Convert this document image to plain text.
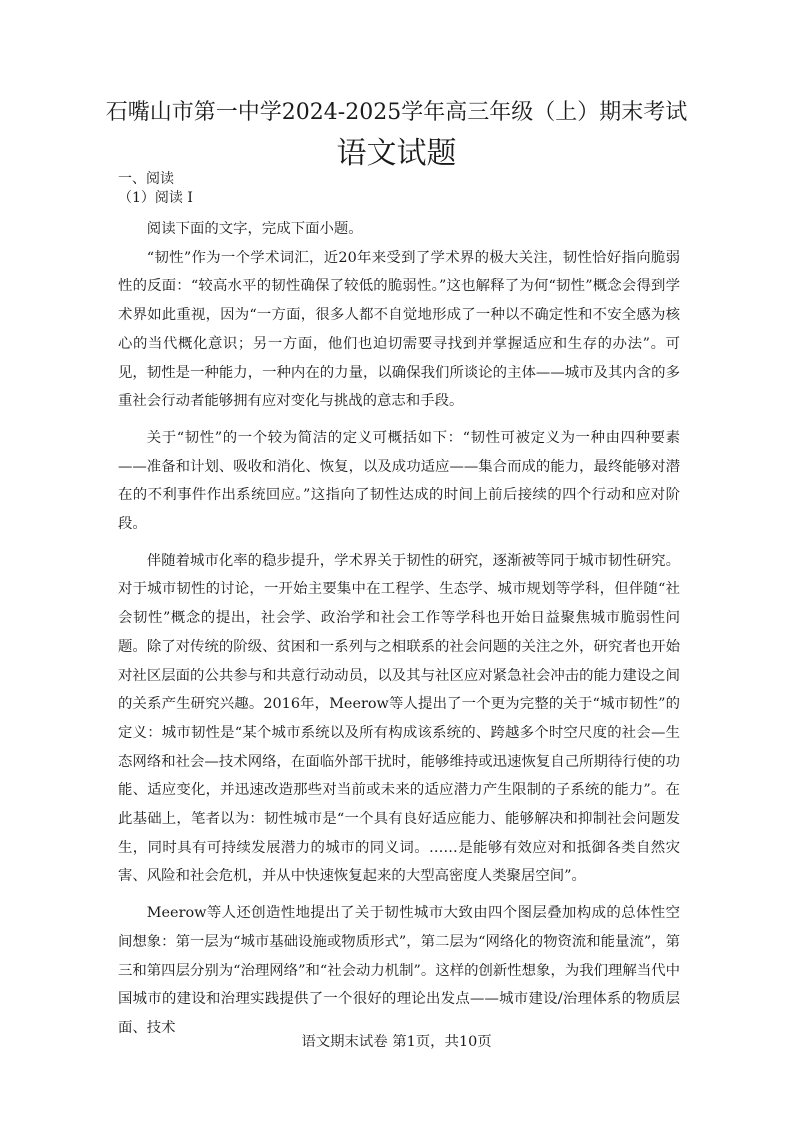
石嘴山市第一中学2024-2025学年高三年级（上）期末考试
语文试题
一、阅读
（1）阅读 I

阅读下面的文字，完成下面小题。

“韧性”作为一个学术词汇，近20年来受到了学术界的极大关注，韧性恰好指向脆弱性的反面：“较高水平的韧性确保了较低的脆弱性。”这也解释了为何“韧性”概念会得到学术界如此重视，因为“一方面，很多人都不自觉地形成了一种以不确定性和不安全感为核心的当代概化意识；另一方面，他们也迫切需要寻找到并掌握适应和生存的办法”。可见，韧性是一种能力，一种内在的力量，以确保我们所谈论的主体——城市及其内含的多重社会行动者能够拥有应对变化与挑战的意志和手段。

关于“韧性”的一个较为简洁的定义可概括如下：“韧性可被定义为一种由四种要素——准备和计划、吸收和消化、恢复，以及成功适应——集合而成的能力，最终能够对潜在的不利事件作出系统回应。”这指向了韧性达成的时间上前后接续的四个行动和应对阶段。

伴随着城市化率的稳步提升，学术界关于韧性的研究，逐渐被等同于城市韧性研究。对于城市韧性的讨论，一开始主要集中在工程学、生态学、城市规划等学科，但伴随“社会韧性”概念的提出，社会学、政治学和社会工作等学科也开始日益聚焦城市脆弱性问题。除了对传统的阶级、贫困和一系列与之相联系的社会问题的关注之外，研究者也开始对社区层面的公共参与和共意行动动员，以及其与社区应对紧急社会冲击的能力建设之间的关系产生研究兴趣。2016年，Meerow等人提出了一个更为完整的关于“城市韧性”的定义：城市韧性是“某个城市系统以及所有构成该系统的、跨越多个时空尺度的社会—生态网络和社会—技术网络，在面临外部干扰时，能够维持或迅速恢复自己所期待行使的功能、适应变化，并迅速改造那些对当前或未来的适应潜力产生限制的子系统的能力”。在此基础上，笔者以为：韧性城市是“一个具有良好适应能力、能够解决和抑制社会问题发生，同时具有可持续发展潜力的城市的同义词。……是能够有效应对和抵御各类自然灾害、风险和社会危机，并从中快速恢复起来的大型高密度人类聚居空间”。

Meerow等人还创造性地提出了关于韧性城市大致由四个图层叠加构成的总体性空间想象：第一层为“城市基础设施或物质形式”，第二层为“网络化的物资流和能量流”，第三和第四层分别为“治理网络”和“社会动力机制”。这样的创新性想象，为我们理解当代中国城市的建设和治理实践提供了一个很好的理论出发点——城市建设/治理体系的物质层面、技术

语文期末试卷 第1页，共10页
